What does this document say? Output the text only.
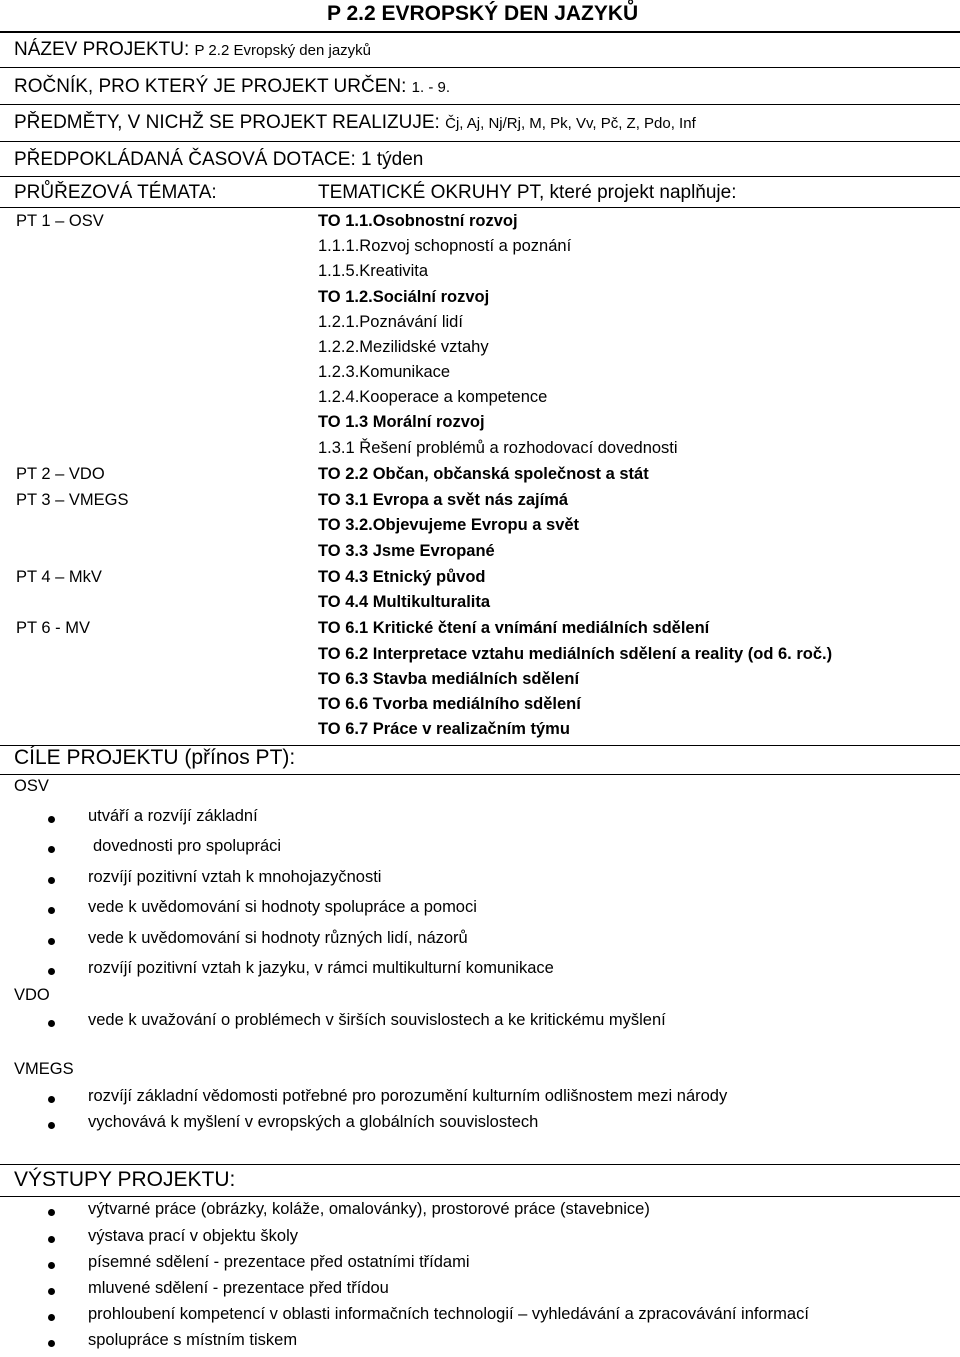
P 2.2 EVROPSKÝ DEN JAZYKŮ
NÁZEV PROJEKTU: P 2.2 Evropský den jazyků
ROČNÍK, PRO KTERÝ JE PROJEKT URČEN: 1. - 9.
PŘEDMĚTY, V NICHŽ SE PROJEKT REALIZUJE: Čj, Aj, Nj/Rj, M, Pk, Vv, Pč, Z, Pdo, Inf
PŘEDPOKLÁDANÁ ČASOVÁ DOTACE: 1 týden
PRŮŘEZOVÁ TÉMATA:	TEMATICKÉ OKRUHY PT, které projekt naplňuje:
PT 1 – OSV
PT 2 – VDO
PT 3 – VMEGS
PT 4 – MkV
PT 6 - MV
TO 1.1.Osobnostní rozvoj
1.1.1.Rozvoj schopností a poznání
1.1.5.Kreativita
TO 1.2.Sociální rozvoj
1.2.1.Poznávání lidí
1.2.2.Mezilidské vztahy
1.2.3.Komunikace
1.2.4.Kooperace a kompetence
TO 1.3 Morální rozvoj
1.3.1 Řešení problémů a rozhodovací dovednosti
TO 2.2 Občan, občanská společnost a stát
TO 3.1 Evropa a svět nás zajímá
TO 3.2.Objevujeme Evropu a svět
TO 3.3 Jsme Evropané
TO 4.3 Etnický původ
TO 4.4 Multikulturalita
TO 6.1 Kritické čtení a vnímání mediálních sdělení
TO 6.2 Interpretace vztahu mediálních sdělení a reality (od 6. roč.)
TO 6.3 Stavba mediálních sdělení
TO 6.6 Tvorba mediálního sdělení
TO 6.7 Práce v realizačním týmu
CÍLE PROJEKTU (přínos PT):
OSV
utváří a rozvíjí základní
dovednosti pro spolupráci
rozvíjí pozitivní vztah k mnohojazyčnosti
vede k uvědomování si hodnoty spolupráce a pomoci
vede k uvědomování si hodnoty různých lidí, názorů
rozvíjí pozitivní vztah k jazyku, v rámci multikulturní komunikace
VDO
vede k uvažování o problémech v širších souvislostech a ke kritickému myšlení
VMEGS
rozvíjí základní vědomosti potřebné pro porozumění kulturním odlišnostem mezi národy
vychovává k myšlení v evropských a globálních souvislostech
VÝSTUPY PROJEKTU:
výtvarné práce (obrázky, koláže, omalovánky), prostorové práce (stavebnice)
výstava prací v objektu školy
písemné sdělení - prezentace před ostatními třídami
mluvené sdělení - prezentace před třídou
prohloubení kompetencí v oblasti informačních technologií – vyhledávání a zpracovávání informací
spolupráce s místním tiskem
